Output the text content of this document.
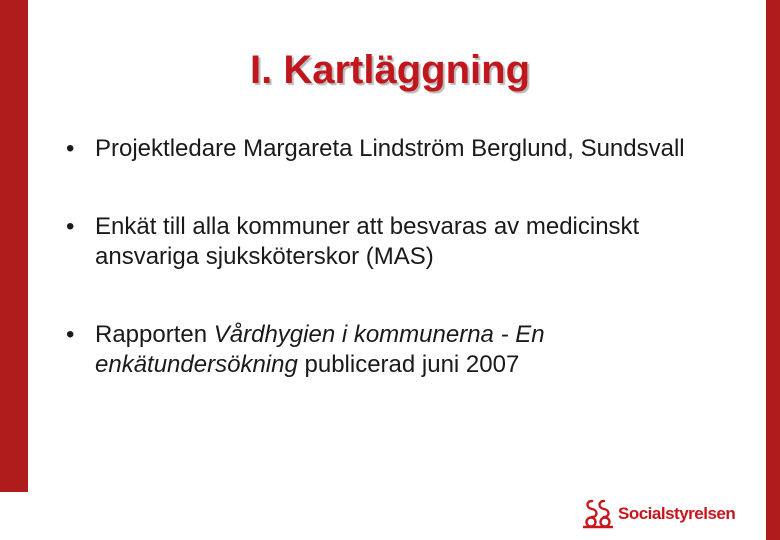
I. Kartläggning
• Projektledare Margareta Lindström Berglund, Sundsvall
• Enkät till alla kommuner att besvaras av medicinskt ansvariga sjuksköterskor (MAS)
• Rapporten Vårdhygien i kommunerna - En enkätundersökning publicerad juni 2007
Socialstyrelsen
